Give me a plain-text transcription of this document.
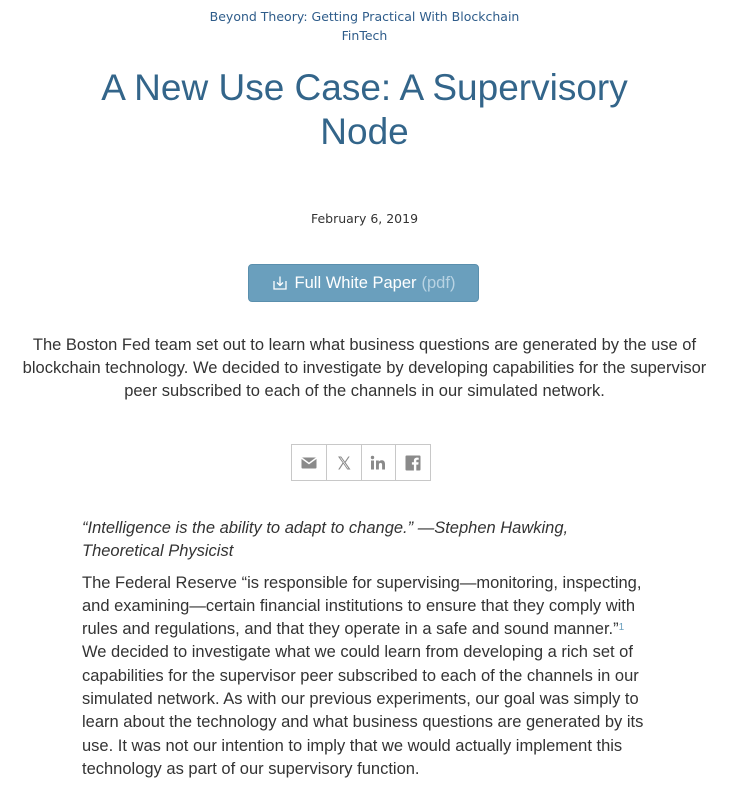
Beyond Theory: Getting Practical With Blockchain
FinTech
A New Use Case: A Supervisory Node
February 6, 2019
Full White Paper (pdf)
The Boston Fed team set out to learn what business questions are generated by the use of blockchain technology. We decided to investigate by developing capabilities for the supervisor peer subscribed to each of the channels in our simulated network.

“Intelligence is the ability to adapt to change.” —Stephen Hawking, Theoretical Physicist

The Federal Reserve “is responsible for supervising—monitoring, inspecting, and examining—certain financial institutions to ensure that they comply with rules and regulations, and that they operate in a safe and sound manner.”$^1$ We decided to investigate what we could learn from developing a rich set of capabilities for the supervisor peer subscribed to each of the channels in our simulated network. As with our previous experiments, our goal was simply to learn about the technology and what business questions are generated by its use. It was not our intention to imply that we would actually implement this technology as part of our supervisory function.
